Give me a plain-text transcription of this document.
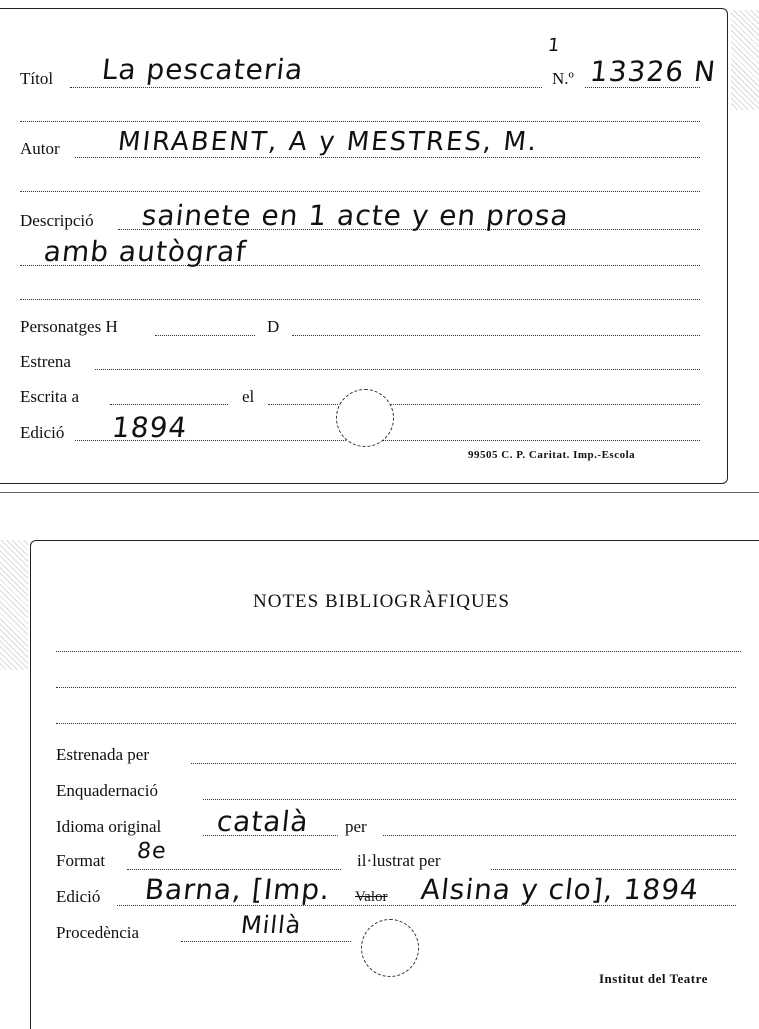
Títol La pescateria
1
N.º 13326 N
Autor MIRABENT, A y MESTRES, M.
Descripció sainete en 1 acte y en prosa
amb autògraf
Personatges H	D
Estrena
Escrita a	el
Edició 1894
99505 C. P. Caritat. Imp.-Escola
NOTES BIBLIOGRÀFIQUES
Estrenada per
Enquadernació
Idioma original català per
Format 8e	il·lustrat per
Edició Barna, [Imp. Valor Alsina y clo], 1894
Procedència	Millà
Institut del Teatre
